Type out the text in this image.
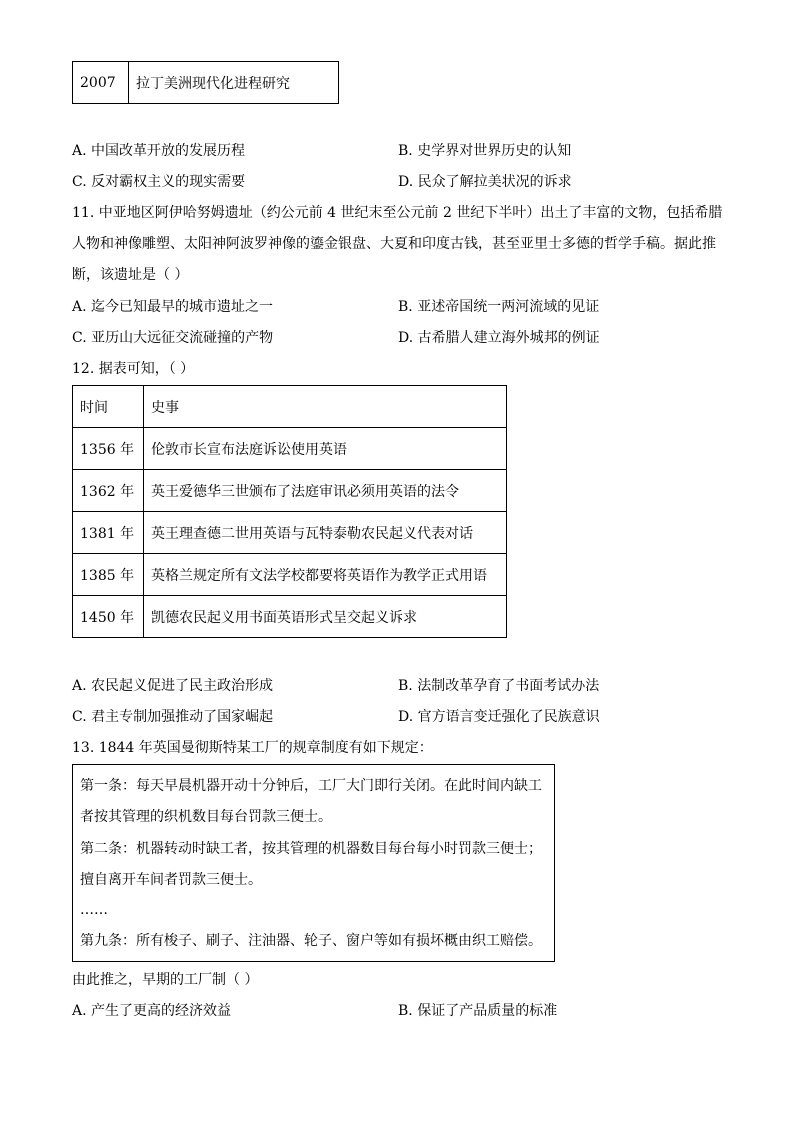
2007	拉丁美洲现代化进程研究
A. 中国改革开放的发展历程	B. 史学界对世界历史的认知
C. 反对霸权主义的现实需要	D. 民众了解拉美状况的诉求
11. 中亚地区阿伊哈努姆遗址（约公元前 4 世纪末至公元前 2 世纪下半叶）出土了丰富的文物，包括希腊
人物和神像雕塑、太阳神阿波罗神像的鎏金银盘、大夏和印度古钱，甚至亚里士多德的哲学手稿。据此推
断，该遗址是（ ）
A. 迄今已知最早的城市遗址之一	B. 亚述帝国统一两河流域的见证
C. 亚历山大远征交流碰撞的产物	D. 古希腊人建立海外城邦的例证
12. 据表可知，（ ）
时间	史事
1356 年	伦敦市长宣布法庭诉讼使用英语
1362 年	英王爱德华三世颁布了法庭审讯必须用英语的法令
1381 年	英王理查德二世用英语与瓦特泰勒农民起义代表对话
1385 年	英格兰规定所有文法学校都要将英语作为教学正式用语
1450 年	凯德农民起义用书面英语形式呈交起义诉求
A. 农民起义促进了民主政治形成	B. 法制改革孕育了书面考试办法
C. 君主专制加强推动了国家崛起	D. 官方语言变迁强化了民族意识
13. 1844 年英国曼彻斯特某工厂的规章制度有如下规定：
第一条：每天早晨机器开动十分钟后，工厂大门即行关闭。在此时间内缺工
者按其管理的织机数目每台罚款三便士。
第二条：机器转动时缺工者，按其管理的机器数目每台每小时罚款三便士；
擅自离开车间者罚款三便士。
……
第九条：所有梭子、刷子、注油器、轮子、窗户等如有损坏概由织工赔偿。
由此推之，早期的工厂制（ ）
A. 产生了更高的经济效益	B. 保证了产品质量的标准
